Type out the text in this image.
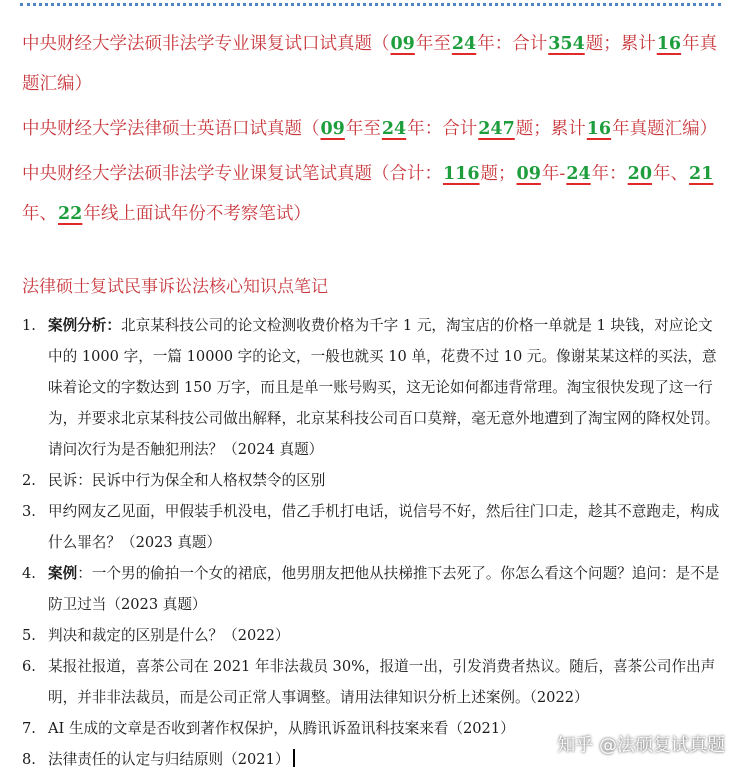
中央财经大学法硕非法学专业课复试口试真题（09年至24年：合计354题；累计16年真题汇编）
中央财经大学法律硕士英语口试真题（09年至24年：合计247题；累计16年真题汇编）
中央财经大学法硕非法学专业课复试笔试真题（合计：116题；09年-24年：20年、21年、22年线上面试年份不考察笔试）
法律硕士复试民事诉讼法核心知识点笔记
1. 案例分析：北京某科技公司的论文检测收费价格为千字 1 元，淘宝店的价格一单就是 1 块钱，对应论文中的 1000 字，一篇 10000 字的论文，一般也就买 10 单，花费不过 10 元。像谢某某这样的买法，意味着论文的字数达到 150 万字，而且是单一账号购买，这无论如何都违背常理。淘宝很快发现了这一行为，并要求北京某科技公司做出解释，北京某科技公司百口莫辩，毫无意外地遭到了淘宝网的降权处罚。请问次行为是否触犯刑法？（2024 真题）
2. 民诉：民诉中行为保全和人格权禁令的区别
3. 甲约网友乙见面，甲假装手机没电，借乙手机打电话，说信号不好，然后往门口走，趁其不意跑走，构成什么罪名？（2023 真题）
4. 案例：一个男的偷拍一个女的裙底，他男朋友把他从扶梯推下去死了。你怎么看这个问题？追问：是不是防卫过当（2023 真题）
5. 判决和裁定的区别是什么？（2022）
6. 某报社报道，喜茶公司在 2021 年非法裁员 30%，报道一出，引发消费者热议。随后，喜茶公司作出声明，并非非法裁员，而是公司正常人事调整。请用法律知识分析上述案例。（2022）
7. AI 生成的文章是否收到著作权保护，从腾讯诉盈讯科技案来看（2021）
8. 法律责任的认定与归结原则（2021）
知乎 @法硕复试真题
